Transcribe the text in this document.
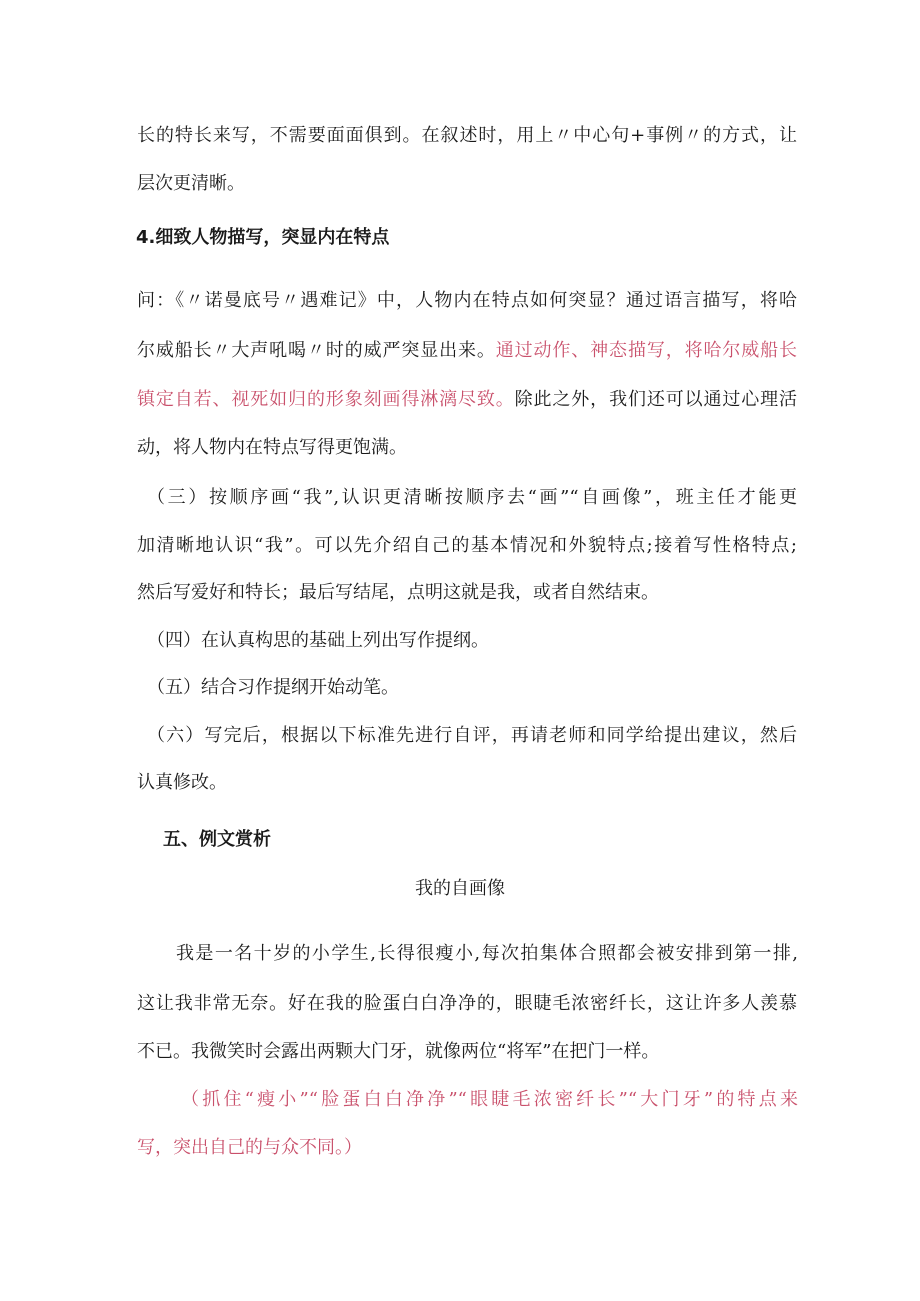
长的特长来写，不需要面面俱到。在叙述时，用上〃中心句+事例〃的方式，让
层次更清晰。
4.细致人物描写，突显内在特点
问：《〃诺曼底号〃遇难记》中，人物内在特点如何突显？通过语言描写，将哈
尔威船长〃大声吼喝〃时的威严突显出来。通过动作、神态描写，将哈尔威船长
镇定自若、视死如归的形象刻画得淋漓尽致。除此之外，我们还可以通过心理活
动，将人物内在特点写得更饱满。
（三）按顺序画“我”,认识更清晰按顺序去“画”“自画像”，班主任才能更
加清晰地认识“我”。可以先介绍自己的基本情况和外貌特点;接着写性格特点;
然后写爱好和特长；最后写结尾，点明这就是我，或者自然结束。
（四）在认真构思的基础上列出写作提纲。
（五）结合习作提纲开始动笔。
（六）写完后，根据以下标准先进行自评，再请老师和同学给提出建议，然后
认真修改。
五、例文赏析
我的自画像
我是一名十岁的小学生,长得很瘦小,每次拍集体合照都会被安排到第一排,
这让我非常无奈。好在我的脸蛋白白净净的，眼睫毛浓密纤长，这让许多人羡慕
不已。我微笑时会露出两颗大门牙，就像两位“将军”在把门一样。
（抓住“瘦小”“脸蛋白白净净”“眼睫毛浓密纤长”“大门牙”的特点来
写，突出自己的与众不同。）
